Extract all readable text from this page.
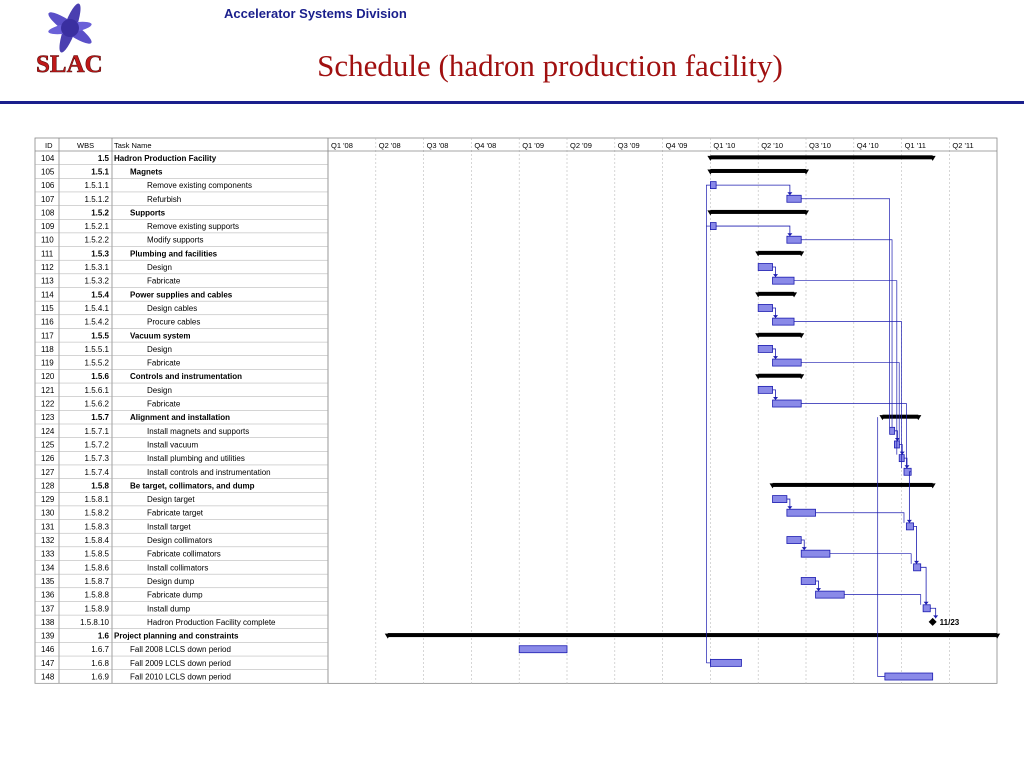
SLAC
Accelerator Systems Division
Schedule (hadron production facility)
Q1 '08	Q2 '08	Q3 '08	Q4 '08	Q1 '09	Q2 '09	Q3 '09	Q4 '09	Q1 '10	Q2 '10	Q3 '10	Q4 '10	Q1 '11	Q2 '11
ID	WBS	Task Name
104	1.5 Hadron Production Facility
105	1.5.1	Magnets
106	1.5.1.1	Remove existing components
107	1.5.1.2	Refurbish
108	1.5.2	Supports
109	1.5.2.1	Remove existing supports
110	1.5.2.2	Modify supports
111	1.5.3	Plumbing and facilities
112	1.5.3.1	Design
113	1.5.3.2	Fabricate
114	1.5.4	Power supplies and cables
115	1.5.4.1	Design cables
116	1.5.4.2	Procure cables
117	1.5.5	Vacuum system
118	1.5.5.1	Design
119	1.5.5.2	Fabricate
120	1.5.6	Controls and instrumentation
121	1.5.6.1	Design
122	1.5.6.2	Fabricate
123	1.5.7	Alignment and installation
124	1.5.7.1	Install magnets and supports
125	1.5.7.2	Install vacuum
126	1.5.7.3	Install plumbing and utilities
127	1.5.7.4	Install controls and instrumentation
128	1.5.8	Be target, collimators, and dump
129	1.5.8.1	Design target
130	1.5.8.2	Fabricate target
131	1.5.8.3	Install target
132	1.5.8.4	Design collimators
133	1.5.8.5	Fabricate collimators
134	1.5.8.6	Install collimators
135	1.5.8.7	Design dump
136	1.5.8.8	Fabricate dump
137	1.5.8.9	Install dump
138	1.5.8.10	Hadron Production Facility complete	11/23
139	1.6 Project planning and constraints
146	1.6.7	Fall 2008 LCLS down period
147	1.6.8	Fall 2009 LCLS down period
148	1.6.9	Fall 2010 LCLS down period
